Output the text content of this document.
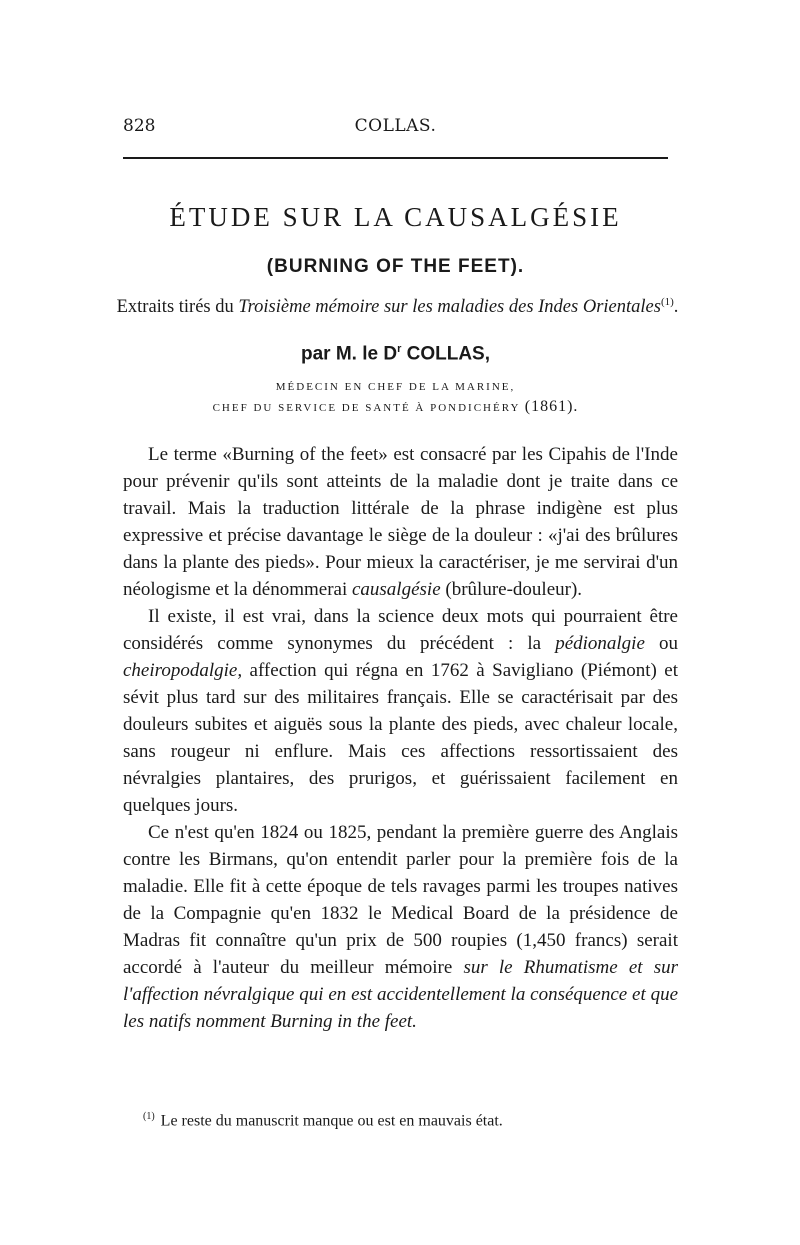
828	COLLAS.
ÉTUDE SUR LA CAUSALGÉSIE
(BURNING OF THE FEET).
Extraits tirés du Troisième mémoire sur les maladies des Indes Orientales$^{(1)}$.
par M. le $D^r$ COLLAS,
MÉDECIN EN CHEF DE LA MARINE,
CHEF DU SERVICE DE SANTÉ À PONDICHÉRY (1861).

Le terme «Burning of the feet» est consacré par les Cipahis de l'Inde pour prévenir qu'ils sont atteints de la maladie dont je traite dans ce travail. Mais la traduction littérale de la phrase indigène est plus expressive et précise davantage le siège de la douleur : «j'ai des brûlures dans la plante des pieds». Pour mieux la caractériser, je me servirai d'un néologisme et la dénommerai causalgésie (brûlure-douleur).

Il existe, il est vrai, dans la science deux mots qui pourraient être considérés comme synonymes du précédent : la pédionalgie ou cheiropodalgie, affection qui régna en 1762 à Savigliano (Piémont) et sévit plus tard sur des militaires français. Elle se caractérisait par des douleurs subites et aiguës sous la plante des pieds, avec chaleur locale, sans rougeur ni enflure. Mais ces affections ressortissaient des névralgies plantaires, des prurigos, et guérissaient facilement en quelques jours.

Ce n'est qu'en 1824 ou 1825, pendant la première guerre des Anglais contre les Birmans, qu'on entendit parler pour la première fois de la maladie. Elle fit à cette époque de tels ravages parmi les troupes natives de la Compagnie qu'en 1832 le Medical Board de la présidence de Madras fit connaître qu'un prix de 500 roupies (1,450 francs) serait accordé à l'auteur du meilleur mémoire sur le Rhumatisme et sur l'affection névralgique qui en est accidentellement la conséquence et que les natifs nomment Burning in the feet.

$^{(1)}$ Le reste du manuscrit manque ou est en mauvais état.
